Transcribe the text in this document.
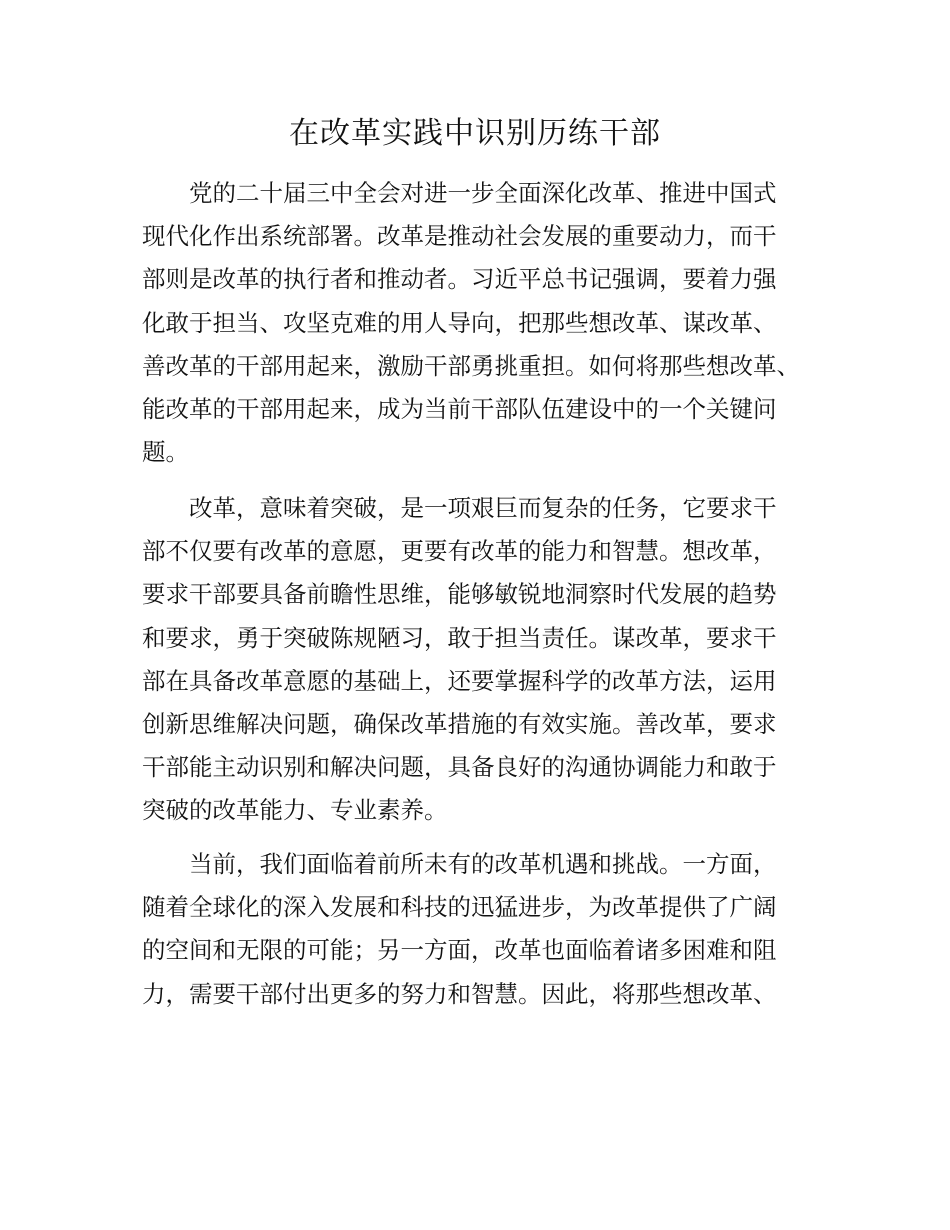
在改革实践中识别历练干部
党的二十届三中全会对进一步全面深化改革、推进中国式
现代化作出系统部署。改革是推动社会发展的重要动力，而干
部则是改革的执行者和推动者。习近平总书记强调，要着力强
化敢于担当、攻坚克难的用人导向，把那些想改革、谋改革、
善改革的干部用起来，激励干部勇挑重担。如何将那些想改革、
能改革的干部用起来，成为当前干部队伍建设中的一个关键问
题。
改革，意味着突破，是一项艰巨而复杂的任务，它要求干
部不仅要有改革的意愿，更要有改革的能力和智慧。想改革，
要求干部要具备前瞻性思维，能够敏锐地洞察时代发展的趋势
和要求，勇于突破陈规陋习，敢于担当责任。谋改革，要求干
部在具备改革意愿的基础上，还要掌握科学的改革方法，运用
创新思维解决问题，确保改革措施的有效实施。善改革，要求
干部能主动识别和解决问题，具备良好的沟通协调能力和敢于
突破的改革能力、专业素养。
当前，我们面临着前所未有的改革机遇和挑战。一方面，
随着全球化的深入发展和科技的迅猛进步，为改革提供了广阔
的空间和无限的可能；另一方面，改革也面临着诸多困难和阻
力，需要干部付出更多的努力和智慧。因此，将那些想改革、
